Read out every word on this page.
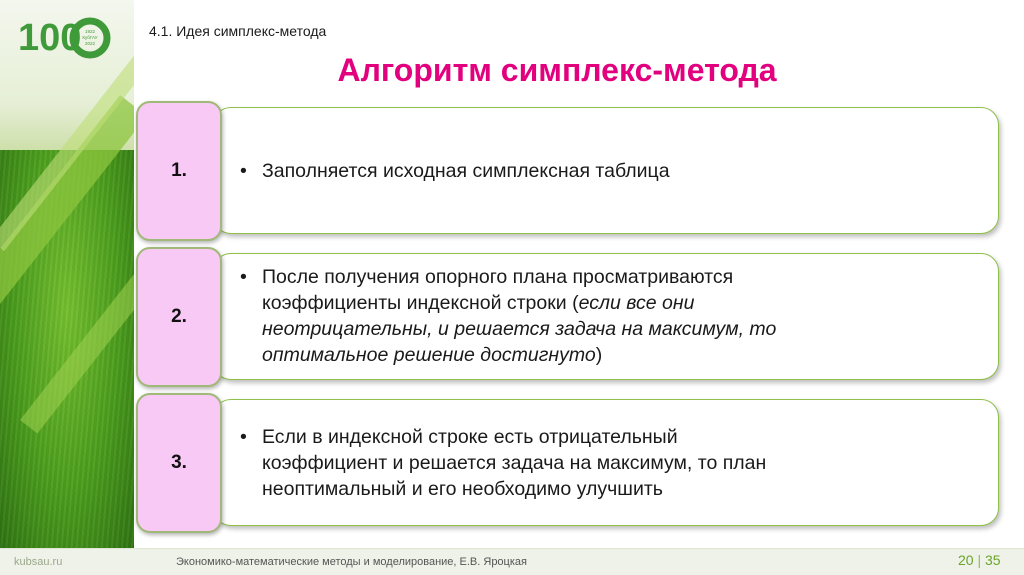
100 1922
КубГАУ
2022
4.1. Идея симплекс-метода
Алгоритм симплекс-метода
1.	• Заполняется исходная симплексная таблица
2.
• После получения опорного плана просматриваются
коэффициенты индексной строки (если все они
неотрицательны, и решается задача на максимум, то
оптимальное решение достигнуто)
3.
• Если в индексной строке есть отрицательный
коэффициент и решается задача на максимум, то план
неоптимальный и его необходимо улучшить
kubsau.ru	Экономико-математические методы и моделирование, Е.В. Яроцкая	20 | 35
